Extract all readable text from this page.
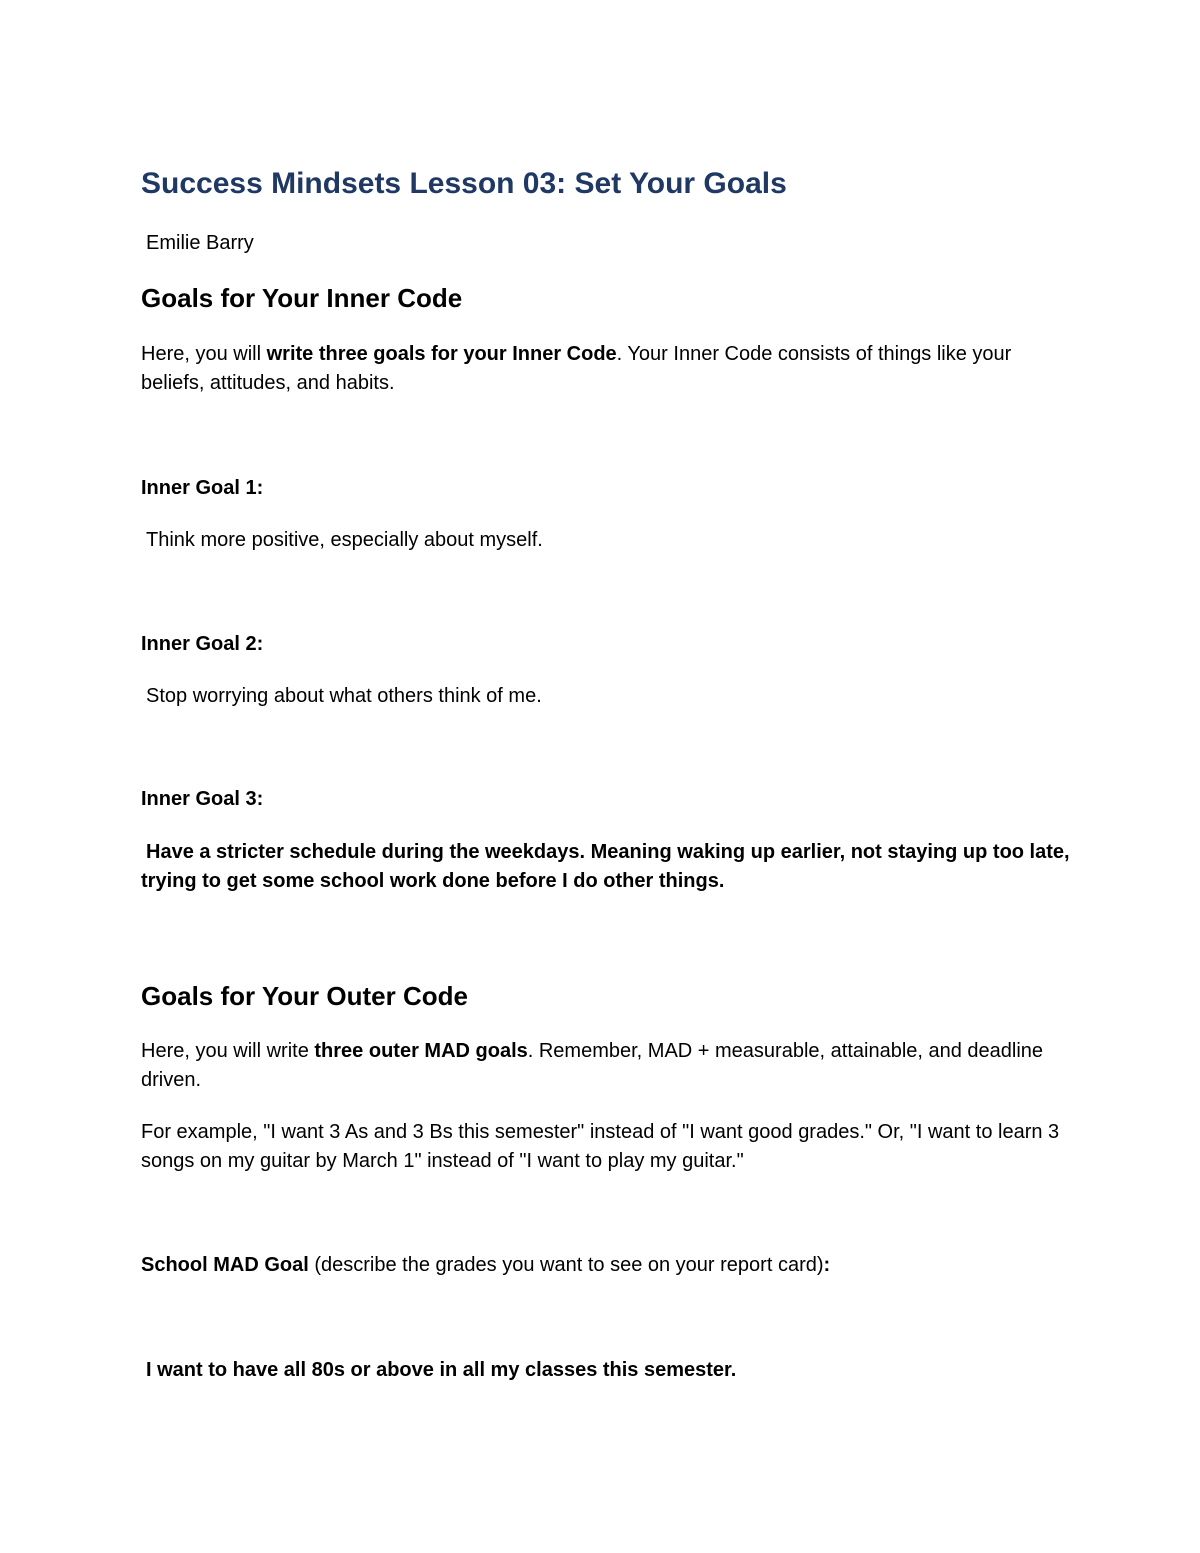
Success Mindsets Lesson 03: Set Your Goals
Emilie Barry
Goals for Your Inner Code

Here, you will write three goals for your Inner Code. Your Inner Code consists of things like your beliefs, attitudes, and habits.

Inner Goal 1:
Think more positive, especially about myself.
Inner Goal 2:
Stop worrying about what others think of me.
Inner Goal 3:

Have a stricter schedule during the weekdays. Meaning waking up earlier, not staying up too late, trying to get some school work done before I do other things.

Goals for Your Outer Code

Here, you will write three outer MAD goals. Remember, MAD + measurable, attainable, and deadline driven.

For example, "I want 3 As and 3 Bs this semester" instead of "I want good grades." Or, "I want to learn 3 songs on my guitar by March 1" instead of "I want to play my guitar."

School MAD Goal (describe the grades you want to see on your report card):
I want to have all 80s or above in all my classes this semester.
